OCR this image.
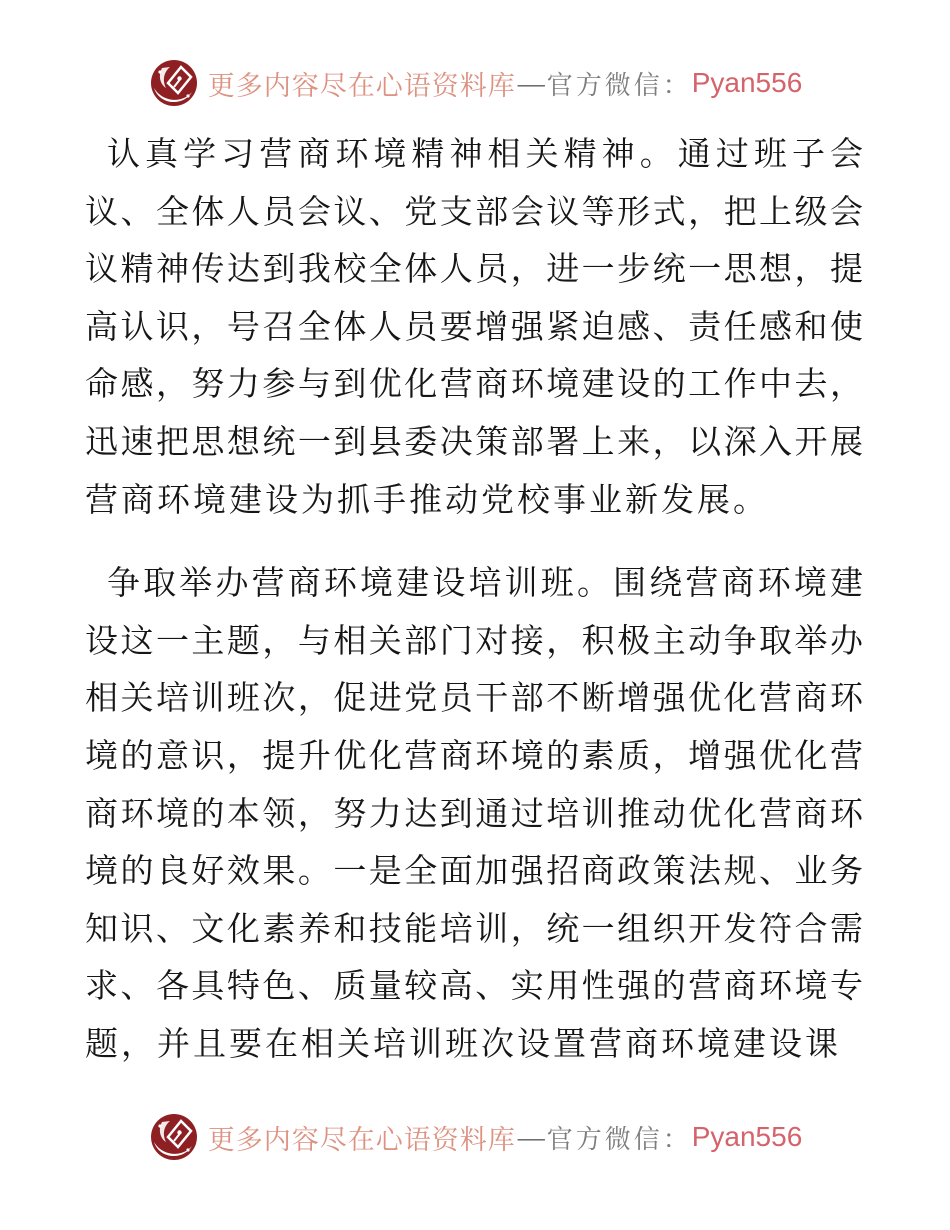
更多内容尽在心语资料库 — 官方微信： Pyan556
认真学习营商环境精神相关精神。通过班子会
议、全体人员会议、党支部会议等形式，把上级会
议精神传达到我校全体人员，进一步统一思想，提
高认识，号召全体人员要增强紧迫感、责任感和使
命感，努力参与到优化营商环境建设的工作中去，
迅速把思想统一到县委决策部署上来，以深入开展
营商环境建设为抓手推动党校事业新发展。
争取举办营商环境建设培训班。围绕营商环境建
设这一主题，与相关部门对接，积极主动争取举办
相关培训班次，促进党员干部不断增强优化营商环
境的意识，提升优化营商环境的素质，增强优化营
商环境的本领，努力达到通过培训推动优化营商环
境的良好效果。一是全面加强招商政策法规、业务
知识、文化素养和技能培训，统一组织开发符合需
求、各具特色、质量较高、实用性强的营商环境专
题，并且要在相关培训班次设置营商环境建设课
更多内容尽在心语资料库 — 官方微信： Pyan556
